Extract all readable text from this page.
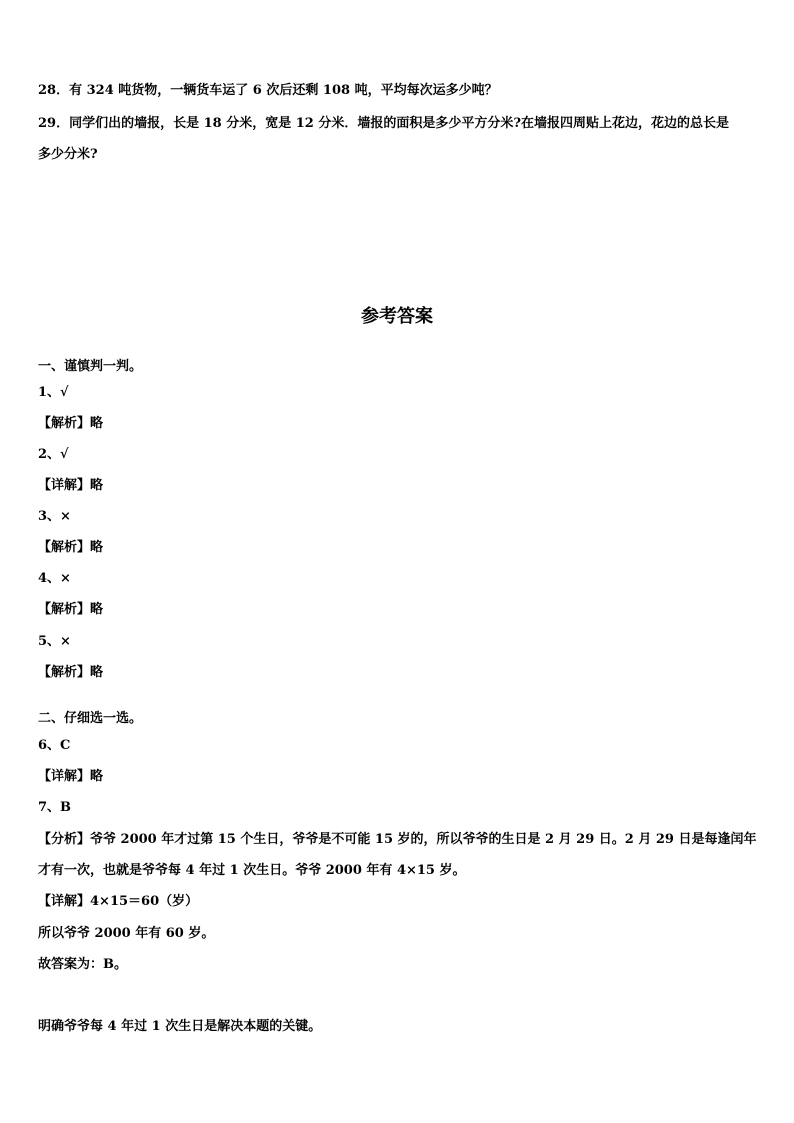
28．有 324 吨货物，一辆货车运了 6 次后还剩 108 吨，平均每次运多少吨？
29．同学们出的墙报，长是 18 分米，宽是 12 分米．墙报的面积是多少平方分米?在墙报四周贴上花边，花边的总长是
多少分米?
参考答案
一、谨慎判一判。
1、√
【解析】略
2、√
【详解】略
3、×
【解析】略
4、×
【解析】略
5、×
【解析】略
二、仔细选一选。
6、C
【详解】略
7、B
【分析】爷爷 2000 年才过第 15 个生日，爷爷是不可能 15 岁的，所以爷爷的生日是 2 月 29 日。2 月 29 日是每逢闰年
才有一次，也就是爷爷每 4 年过 1 次生日。爷爷 2000 年有 4×15 岁。
【详解】4×15＝60（岁）
所以爷爷 2000 年有 60 岁。
故答案为：B。
明确爷爷每 4 年过 1 次生日是解决本题的关键。
